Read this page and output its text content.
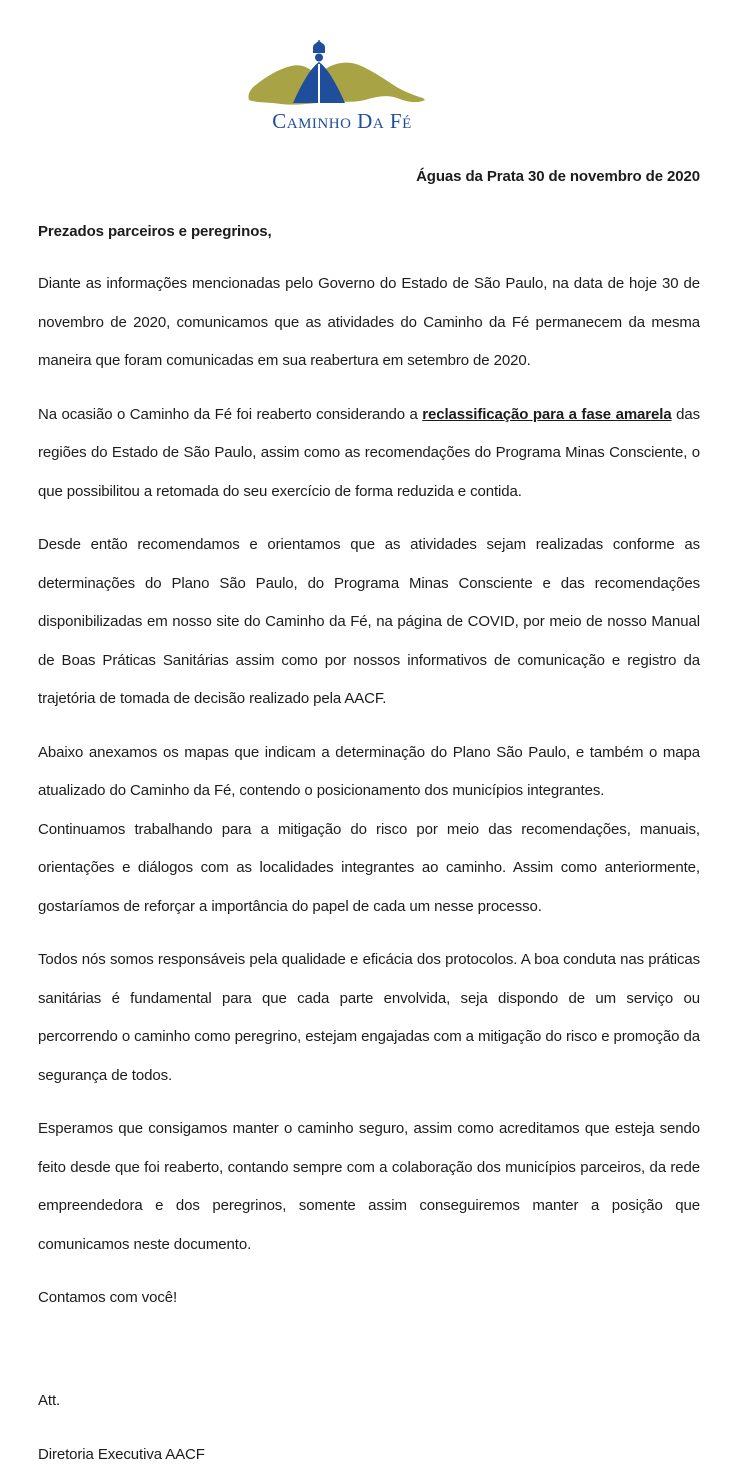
Caminho Da Fé

Águas da Prata 30 de novembro de 2020

Prezados parceiros e peregrinos,

Diante as informações mencionadas pelo Governo do Estado de São Paulo, na data de hoje 30 de novembro de 2020, comunicamos que as atividades do Caminho da Fé permanecem da mesma maneira que foram comunicadas em sua reabertura em setembro de 2020.

Na ocasião o Caminho da Fé foi reaberto considerando a reclassificação para a fase amarela das regiões do Estado de São Paulo, assim como as recomendações do Programa Minas Consciente, o que possibilitou a retomada do seu exercício de forma reduzida e contida.

Desde então recomendamos e orientamos que as atividades sejam realizadas conforme as determinações do Plano São Paulo, do Programa Minas Consciente e das recomendações disponibilizadas em nosso site do Caminho da Fé, na página de COVID, por meio de nosso Manual de Boas Práticas Sanitárias assim como por nossos informativos de comunicação e registro da trajetória de tomada de decisão realizado pela AACF.

Abaixo anexamos os mapas que indicam a determinação do Plano São Paulo, e também o mapa atualizado do Caminho da Fé, contendo o posicionamento dos municípios integrantes.

Continuamos trabalhando para a mitigação do risco por meio das recomendações, manuais, orientações e diálogos com as localidades integrantes ao caminho. Assim como anteriormente, gostaríamos de reforçar a importância do papel de cada um nesse processo.

Todos nós somos responsáveis pela qualidade e eficácia dos protocolos. A boa conduta nas práticas sanitárias é fundamental para que cada parte envolvida, seja dispondo de um serviço ou percorrendo o caminho como peregrino, estejam engajadas com a mitigação do risco e promoção da segurança de todos.

Esperamos que consigamos manter o caminho seguro, assim como acreditamos que esteja sendo feito desde que foi reaberto, contando sempre com a colaboração dos municípios parceiros, da rede empreendedora e dos peregrinos, somente assim conseguiremos manter a posição que comunicamos neste documento.

Contamos com você!

Att.

Diretoria Executiva AACF
